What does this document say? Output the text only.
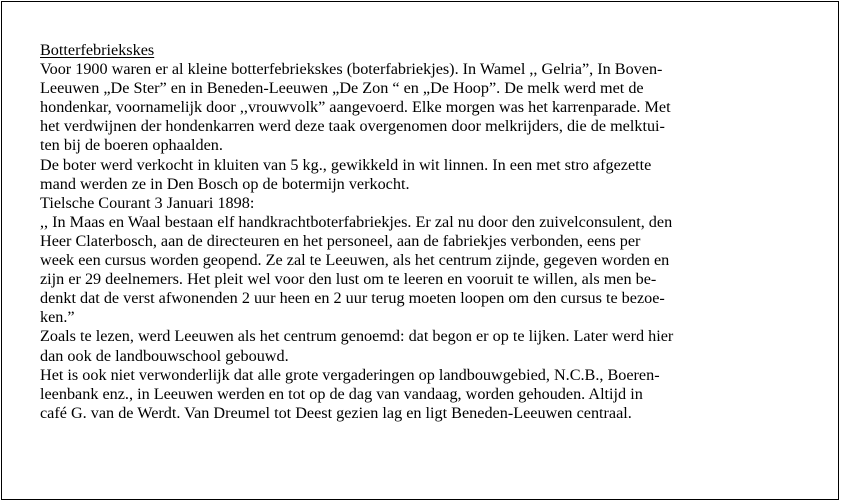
Botterfebriekskes
Voor 1900 waren er al kleine botterfebriekskes (boterfabriekjes). In Wamel ,, Gelria”, In Boven-
Leeuwen „De Ster” en in Beneden-Leeuwen „De Zon “ en „De Hoop”. De melk werd met de
hondenkar, voornamelijk door ,,vrouwvolk” aangevoerd. Elke morgen was het karrenparade. Met
het verdwijnen der hondenkarren werd deze taak overgenomen door melkrijders, die de melktui-
ten bij de boeren ophaalden.
De boter werd verkocht in kluiten van 5 kg., gewikkeld in wit linnen. In een met stro afgezette
mand werden ze in Den Bosch op de botermijn verkocht.
Tielsche Courant 3 Januari 1898:
,, In Maas en Waal bestaan elf handkrachtboterfabriekjes. Er zal nu door den zuivelconsulent, den
Heer Claterbosch, aan de directeuren en het personeel, aan de fabriekjes verbonden, eens per
week een cursus worden geopend. Ze zal te Leeuwen, als het centrum zijnde, gegeven worden en
zijn er 29 deelnemers. Het pleit wel voor den lust om te leeren en vooruit te willen, als men be-
denkt dat de verst afwonenden 2 uur heen en 2 uur terug moeten loopen om den cursus te bezoe-
ken.”
Zoals te lezen, werd Leeuwen als het centrum genoemd: dat begon er op te lijken. Later werd hier
dan ook de landbouwschool gebouwd.
Het is ook niet verwonderlijk dat alle grote vergaderingen op landbouwgebied, N.C.B., Boeren-
leenbank enz., in Leeuwen werden en tot op de dag van vandaag, worden gehouden. Altijd in
café G. van de Werdt. Van Dreumel tot Deest gezien lag en ligt Beneden-Leeuwen centraal.
